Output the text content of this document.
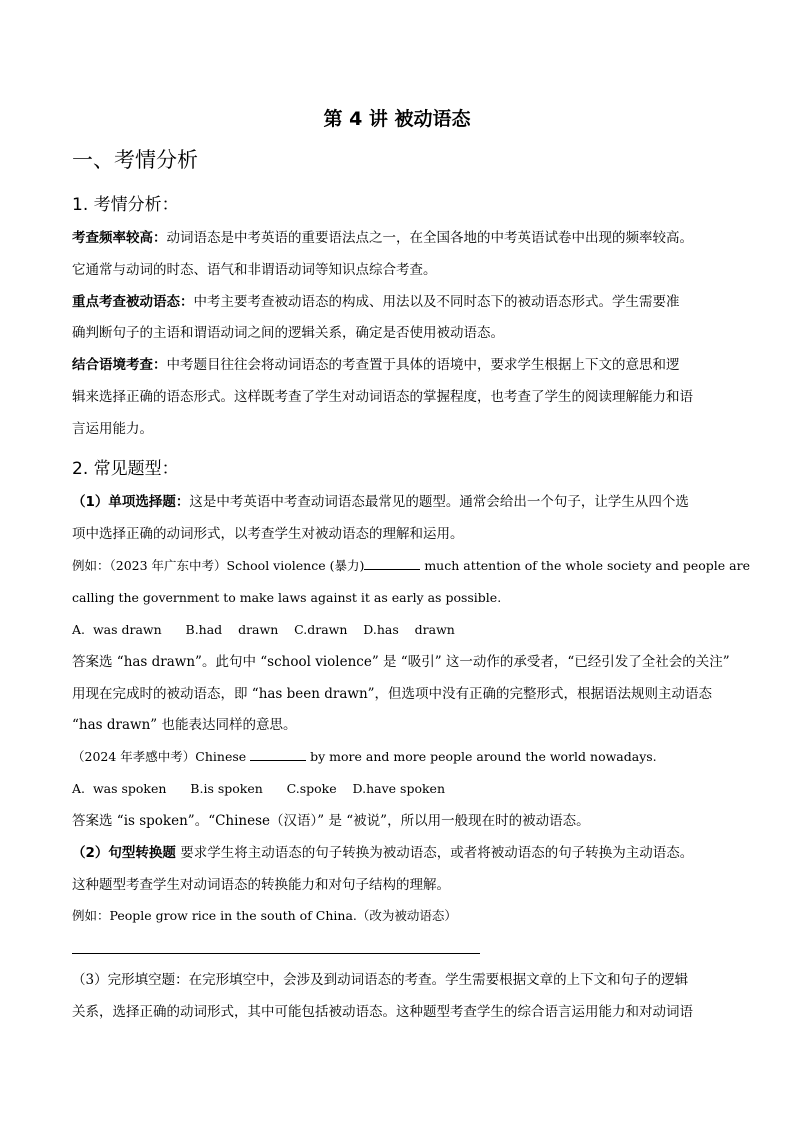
第 4 讲 被动语态
一、考情分析
1. 考情分析：
考查频率较高：动词语态是中考英语的重要语法点之一，在全国各地的中考英语试卷中出现的频率较高。
它通常与动词的时态、语气和非谓语动词等知识点综合考查。
重点考查被动语态：中考主要考查被动语态的构成、用法以及不同时态下的被动语态形式。学生需要准
确判断句子的主语和谓语动词之间的逻辑关系，确定是否使用被动语态。
结合语境考查：中考题目往往会将动词语态的考查置于具体的语境中，要求学生根据上下文的意思和逻
辑来选择正确的语态形式。这样既考查了学生对动词语态的掌握程度，也考查了学生的阅读理解能力和语
言运用能力。
2. 常见题型：
（1）单项选择题：这是中考英语中考查动词语态最常见的题型。通常会给出一个句子，让学生从四个选
项中选择正确的动词形式，以考查学生对被动语态的理解和运用。
例如：（2023 年广东中考）School violence (暴力)	much attention of the whole society and people are
calling the government to make laws against it as early as possible.
A.  was drawn      B.had    drawn    C.drawn    D.has    drawn
答案选 “has drawn”。此句中 “school violence” 是 “吸引” 这一动作的承受者，“已经引发了全社会的关注”
用现在完成时的被动语态，即 “has been drawn”，但选项中没有正确的完整形式，根据语法规则主动语态
“has drawn” 也能表达同样的意思。
（2024 年孝感中考）Chinese	by more and more people around the world nowadays.
A.  was spoken      B.is spoken      C.spoke    D.have spoken
答案选 “is spoken”。“Chinese（汉语）” 是 “被说”，所以用一般现在时的被动语态。
（2）句型转换题 要求学生将主动语态的句子转换为被动语态，或者将被动语态的句子转换为主动语态。
这种题型考查学生对动词语态的转换能力和对句子结构的理解。
例如：People grow rice in the south of China.（改为被动语态）
（3）完形填空题：在完形填空中，会涉及到动词语态的考查。学生需要根据文章的上下文和句子的逻辑
关系，选择正确的动词形式，其中可能包括被动语态。这种题型考查学生的综合语言运用能力和对动词语
